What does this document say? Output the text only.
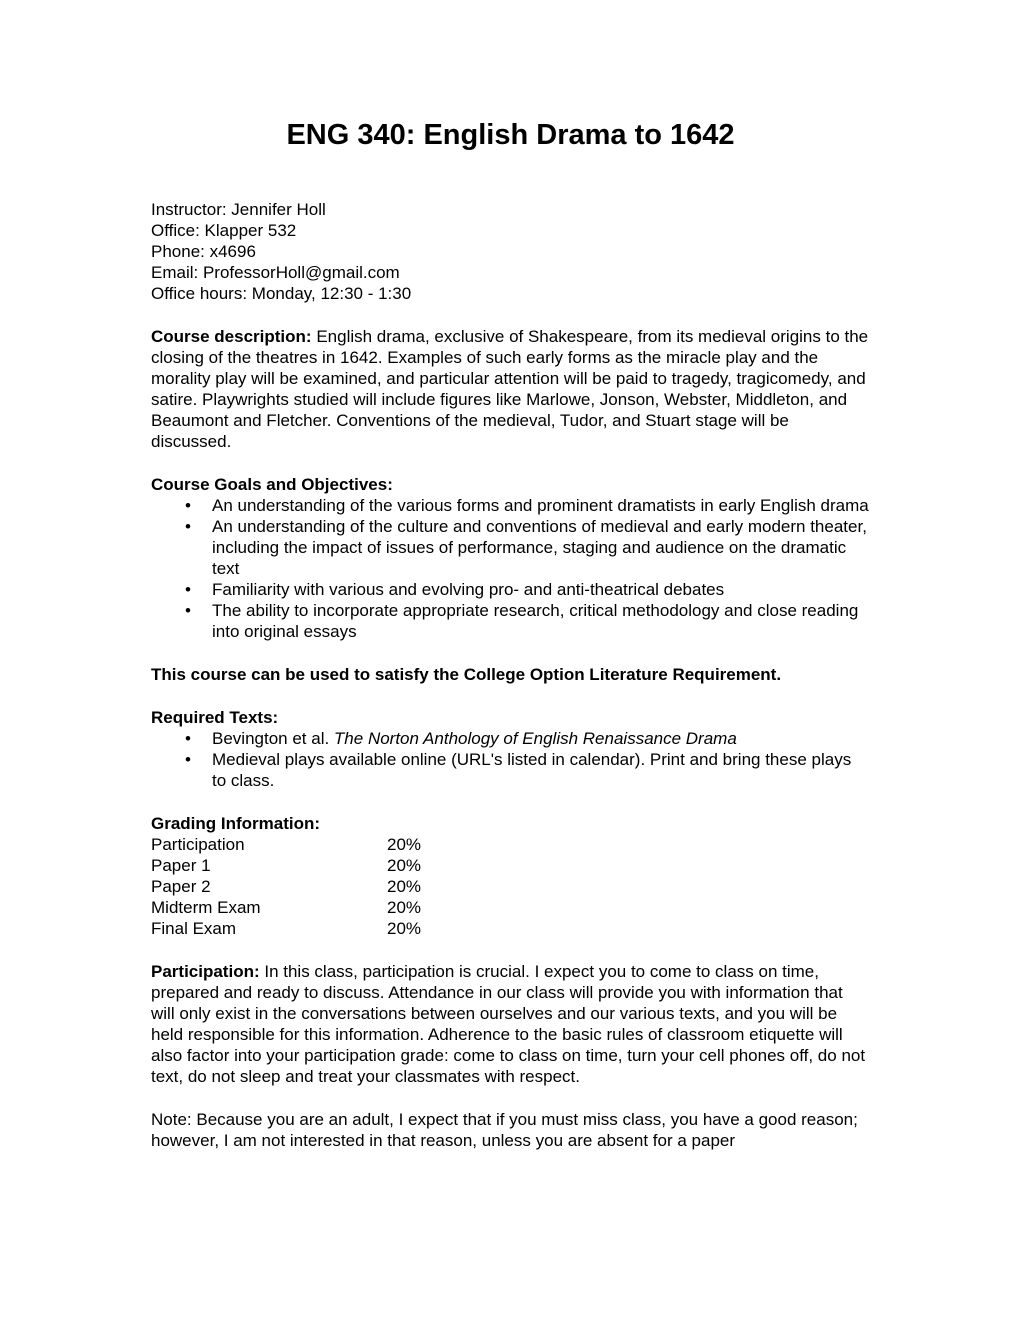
ENG 340: English Drama to 1642
Instructor: Jennifer Holl
Office: Klapper 532
Phone: x4696
Email: ProfessorHoll@gmail.com
Office hours: Monday, 12:30 - 1:30

Course description: English drama, exclusive of Shakespeare, from its medieval origins to the closing of the theatres in 1642. Examples of such early forms as the miracle play and the morality play will be examined, and particular attention will be paid to tragedy, tragicomedy, and satire. Playwrights studied will include figures like Marlowe, Jonson, Webster, Middleton, and Beaumont and Fletcher. Conventions of the medieval, Tudor, and Stuart stage will be discussed.

Course Goals and Objectives:
• An understanding of the various forms and prominent dramatists in early English drama
• An understanding of the culture and conventions of medieval and early modern theater, including the impact of issues of performance, staging and audience on the dramatic text
• Familiarity with various and evolving pro- and anti-theatrical debates
• The ability to incorporate appropriate research, critical methodology and close reading into original essays

This course can be used to satisfy the College Option Literature Requirement.

Required Texts:
• Bevington et al. The Norton Anthology of English Renaissance Drama
• Medieval plays available online (URL's listed in calendar). Print and bring these plays to class.
Grading Information:
Participation	20%
Paper 1	20%
Paper 2	20%
Midterm Exam	20%
Final Exam	20%

Participation: In this class, participation is crucial. I expect you to come to class on time, prepared and ready to discuss. Attendance in our class will provide you with information that will only exist in the conversations between ourselves and our various texts, and you will be held responsible for this information. Adherence to the basic rules of classroom etiquette will also factor into your participation grade: come to class on time, turn your cell phones off, do not text, do not sleep and treat your classmates with respect.

Note: Because you are an adult, I expect that if you must miss class, you have a good reason; however, I am not interested in that reason, unless you are absent for a paper
